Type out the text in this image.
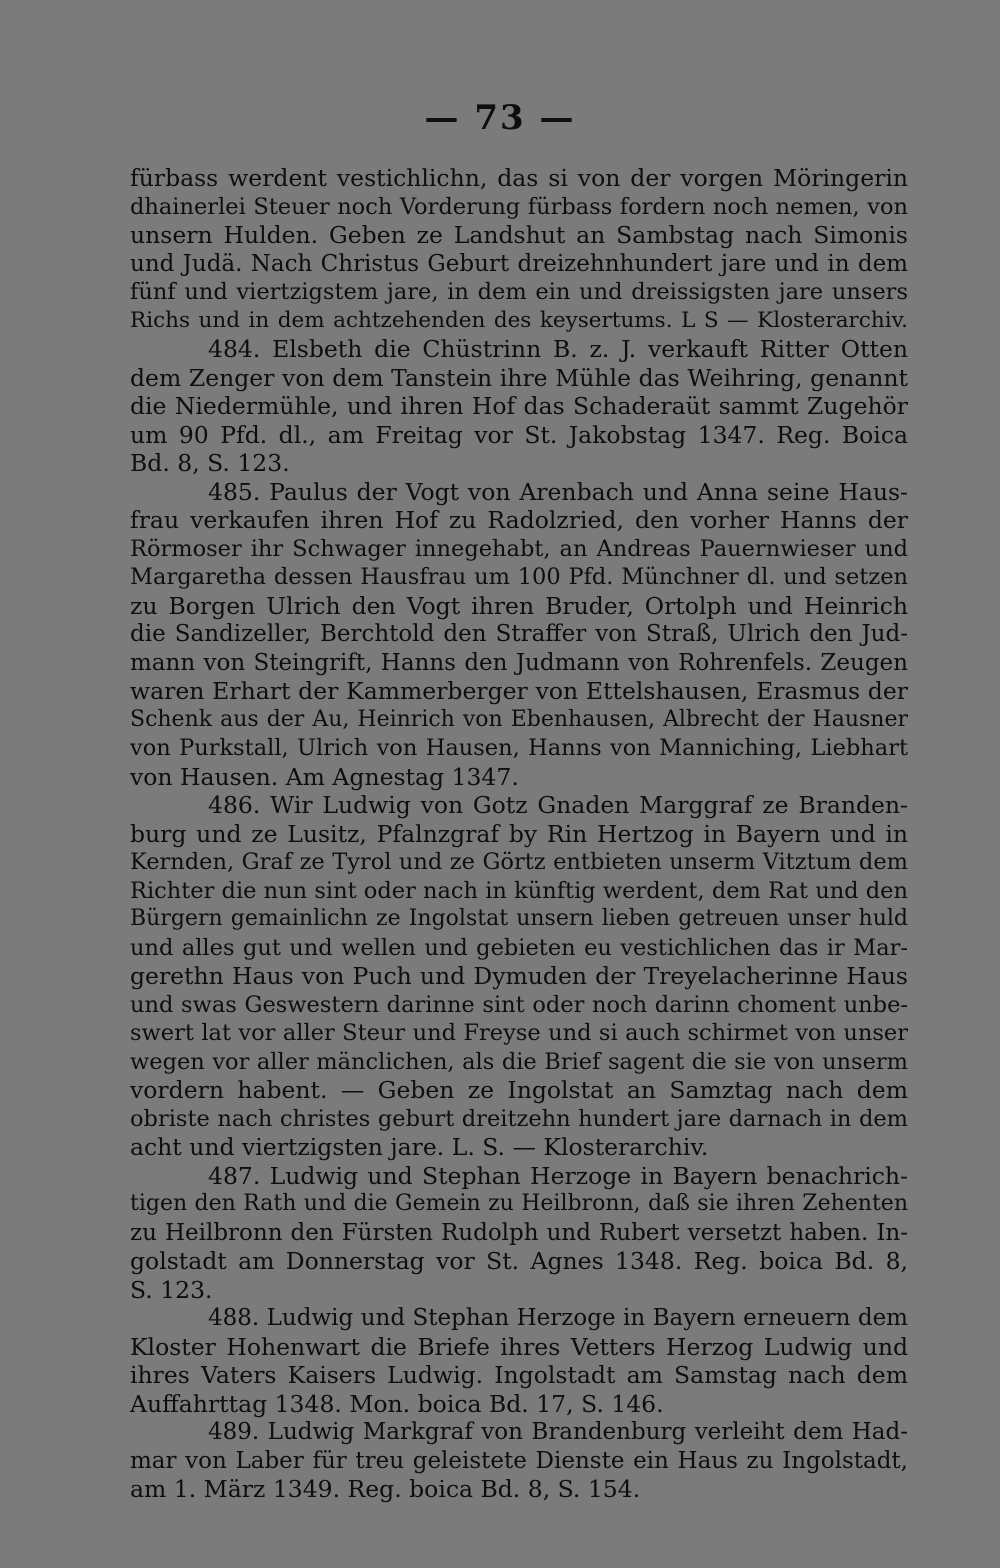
— 73 —
fürbass werdent vestichlichn, das si von der vorgen Möringerin
dhainerlei Steuer noch Vorderung fürbass fordern noch nemen, von
unsern Hulden. Geben ze Landshut an Sambstag nach Simonis
und Judä. Nach Christus Geburt dreizehnhundert jare und in dem
fünf und viertzigstem jare, in dem ein und dreissigsten jare unsers
Richs und in dem achtzehenden des keysertums. L S — Klosterarchiv.
484. Elsbeth die Chüstrinn B. z. J. verkauft Ritter Otten
dem Zenger von dem Tanstein ihre Mühle das Weihring, genannt
die Niedermühle, und ihren Hof das Schaderaüt sammt Zugehör
um 90 Pfd. dl., am Freitag vor St. Jakobstag 1347. Reg. Boica
Bd. 8, S. 123.
485. Paulus der Vogt von Arenbach und Anna seine Haus-
frau verkaufen ihren Hof zu Radolzried, den vorher Hanns der
Rörmoser ihr Schwager innegehabt, an Andreas Pauernwieser und
Margaretha dessen Hausfrau um 100 Pfd. Münchner dl. und setzen
zu Borgen Ulrich den Vogt ihren Bruder, Ortolph und Heinrich
die Sandizeller, Berchtold den Straffer von Straß, Ulrich den Jud-
mann von Steingrift, Hanns den Judmann von Rohrenfels. Zeugen
waren Erhart der Kammerberger von Ettelshausen, Erasmus der
Schenk aus der Au, Heinrich von Ebenhausen, Albrecht der Hausner
von Purkstall, Ulrich von Hausen, Hanns von Manniching, Liebhart
von Hausen. Am Agnestag 1347.
486. Wir Ludwig von Gotz Gnaden Marggraf ze Branden-
burg und ze Lusitz, Pfalnzgraf by Rin Hertzog in Bayern und in
Kernden, Graf ze Tyrol und ze Görtz entbieten unserm Vitztum dem
Richter die nun sint oder nach in künftig werdent, dem Rat und den
Bürgern gemainlichn ze Ingolstat unsern lieben getreuen unser huld
und alles gut und wellen und gebieten eu vestichlichen das ir Mar-
gerethn Haus von Puch und Dymuden der Treyelacherinne Haus
und swas Geswestern darinne sint oder noch darinn choment unbe-
swert lat vor aller Steur und Freyse und si auch schirmet von unser
wegen vor aller mänclichen, als die Brief sagent die sie von unserm
vordern habent. — Geben ze Ingolstat an Samztag nach dem
obriste nach christes geburt dreitzehn hundert jare darnach in dem
acht und viertzigsten jare. L. S. — Klosterarchiv.
487. Ludwig und Stephan Herzoge in Bayern benachrich-
tigen den Rath und die Gemein zu Heilbronn, daß sie ihren Zehenten
zu Heilbronn den Fürsten Rudolph und Rubert versetzt haben. In-
golstadt am Donnerstag vor St. Agnes 1348. Reg. boica Bd. 8,
S. 123.
488. Ludwig und Stephan Herzoge in Bayern erneuern dem
Kloster Hohenwart die Briefe ihres Vetters Herzog Ludwig und
ihres Vaters Kaisers Ludwig. Ingolstadt am Samstag nach dem
Auffahrttag 1348. Mon. boica Bd. 17, S. 146.
489. Ludwig Markgraf von Brandenburg verleiht dem Had-
mar von Laber für treu geleistete Dienste ein Haus zu Ingolstadt,
am 1. März 1349. Reg. boica Bd. 8, S. 154.
